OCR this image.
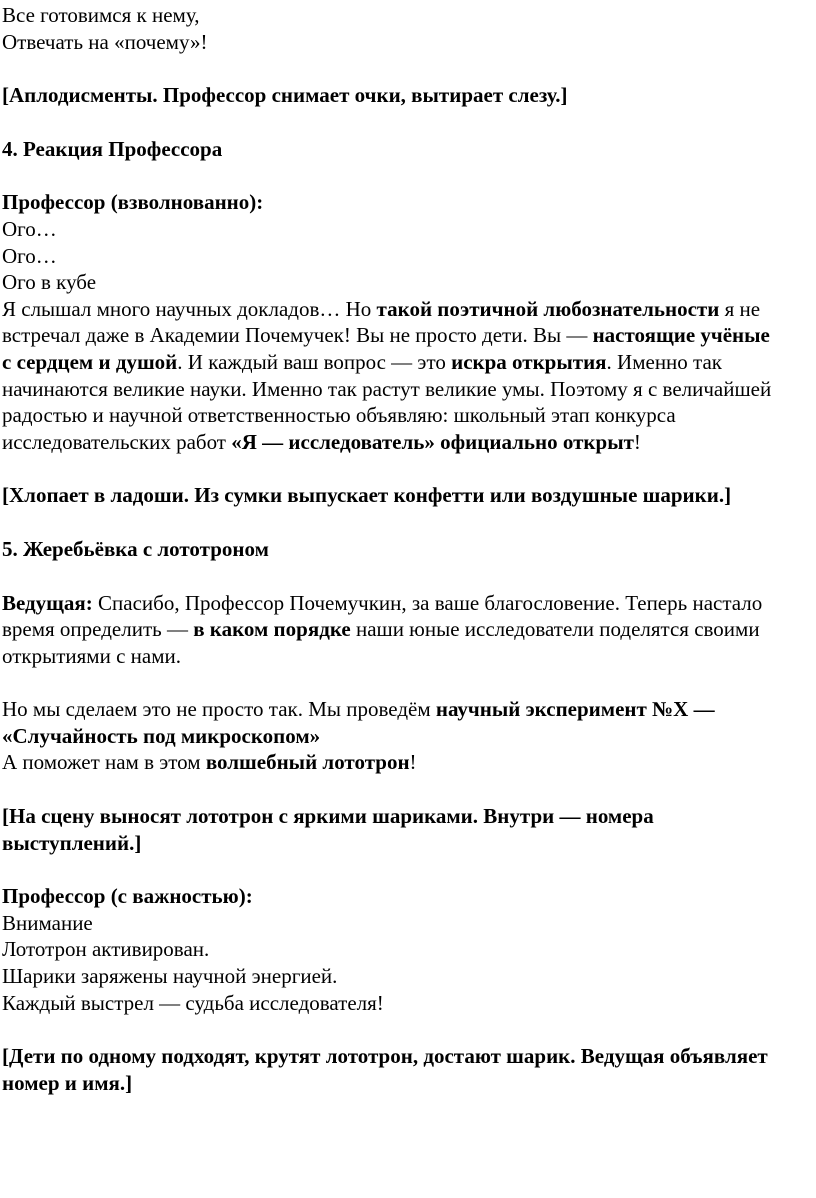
Все готовимся к нему,

Отвечать на «почему»!

[Аплодисменты. Профессор снимает очки, вытирает слезу.]

4. Реакция Профессора

Профессор (взволнованно):

Ого…

Ого…

Ого в кубе

Я слышал много научных докладов… Но такой поэтичной любознательности я не встречал даже в Академии Почемучек! Вы не просто дети. Вы — настоящие учёные с сердцем и душой. И каждый ваш вопрос — это искра открытия. Именно так начинаются великие науки. Именно так растут великие умы. Поэтому я с величайшей радостью и научной ответственностью объявляю: школьный этап конкурса исследовательских работ «Я — исследователь» официально открыт!

[Хлопает в ладоши. Из сумки выпускает конфетти или воздушные шарики.]

5. Жеребьёвка с лототроном

Ведущая: Спасибо, Профессор Почемучкин, за ваше благословение. Теперь настало время определить — в каком порядке наши юные исследователи поделятся своими открытиями с нами.

Но мы сделаем это не просто так. Мы проведём научный эксперимент №X — «Случайность под микроскопом»

А поможет нам в этом волшебный лототрон!

[На сцену выносят лототрон с яркими шариками. Внутри — номера выступлений.]

Профессор (с важностью):

Внимание

Лототрон активирован.

Шарики заряжены научной энергией.

Каждый выстрел — судьба исследователя!

[Дети по одному подходят, крутят лототрон, достают шарик. Ведущая объявляет номер и имя.]
